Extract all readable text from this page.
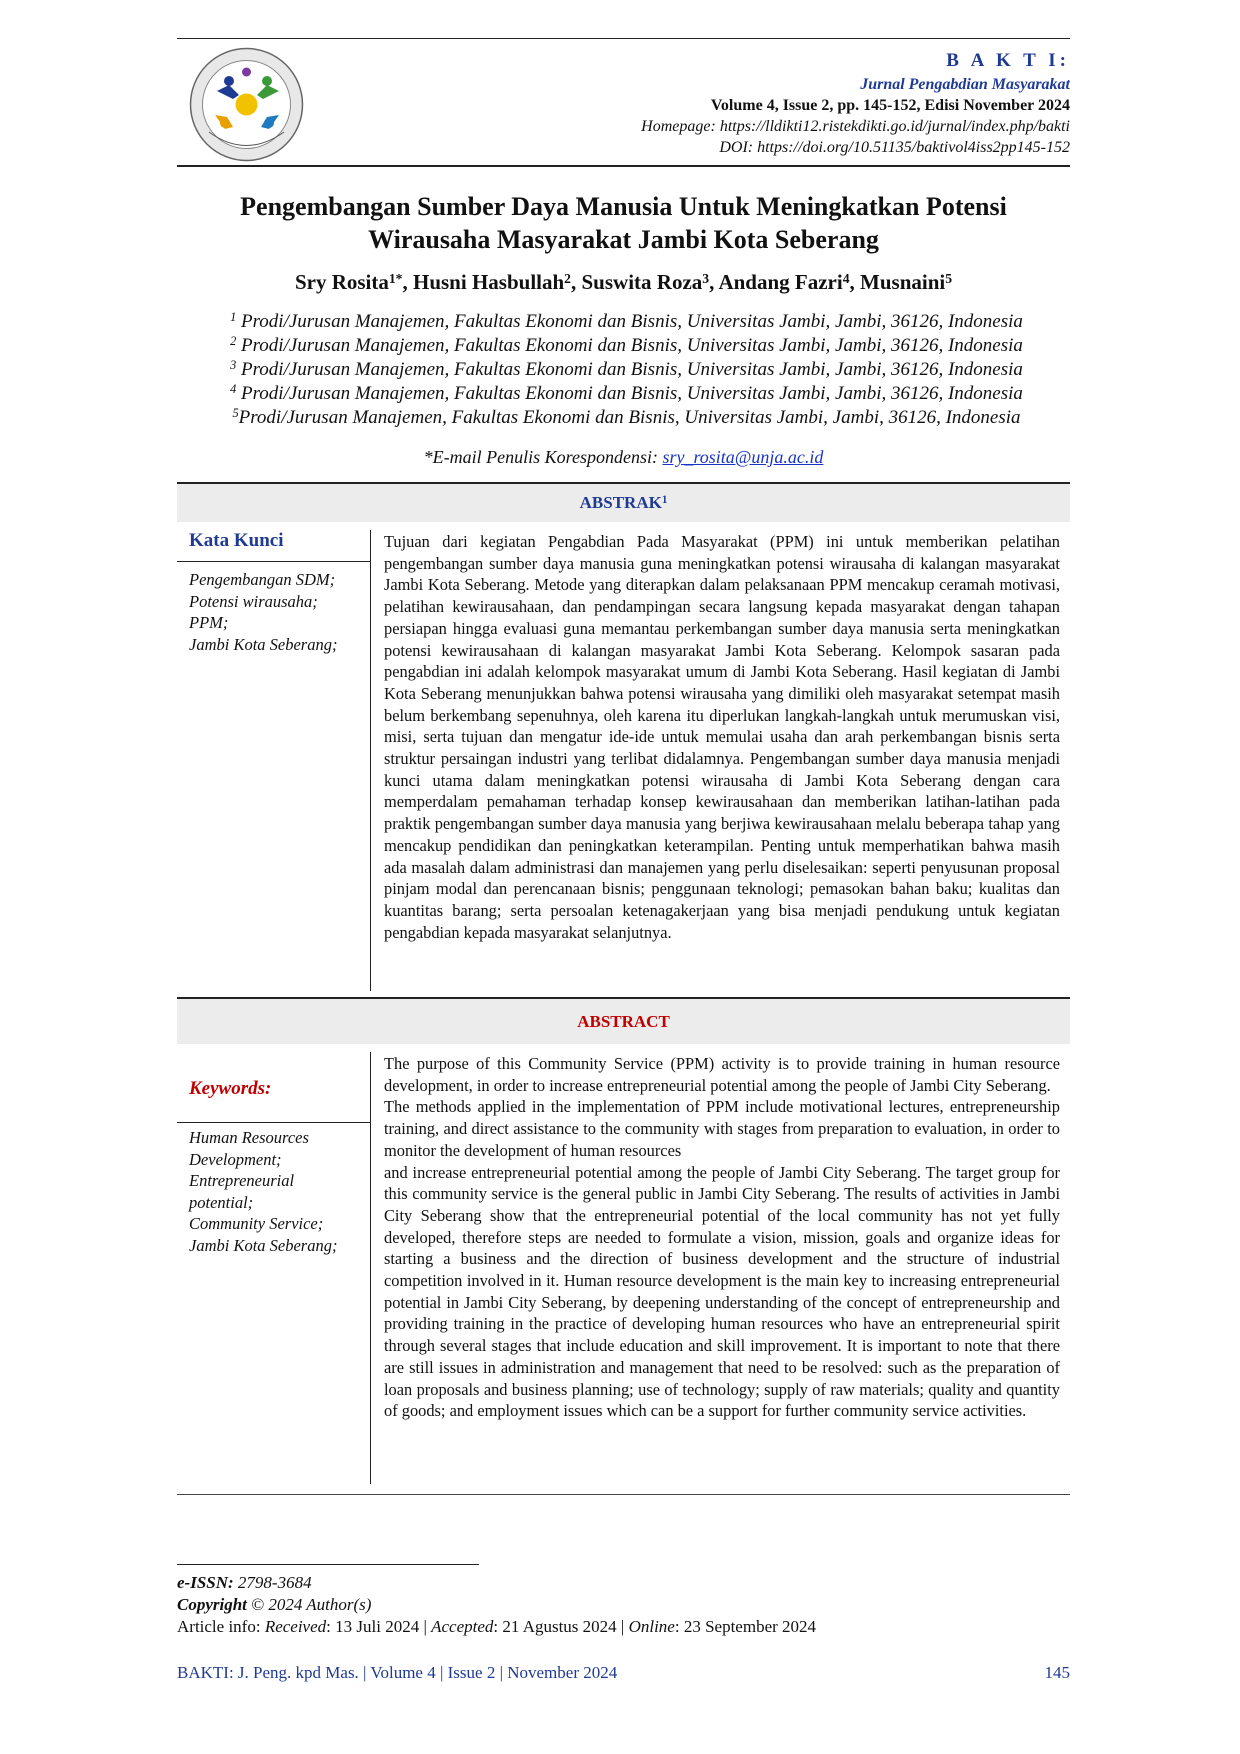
B A K T I:
Jurnal Pengabdian Masyarakat
Volume 4, Issue 2, pp. 145-152, Edisi November 2024
Homepage: https://lldikti12.ristekdikti.go.id/jurnal/index.php/bakti
DOI: https://doi.org/10.51135/baktivol4iss2pp145-152
Pengembangan Sumber Daya Manusia Untuk Meningkatkan Potensi
Wirausaha Masyarakat Jambi Kota Seberang
Sry Rosita$^{1*}$, Husni Hasbullah$^2$, Suswita Roza$^3$, Andang Fazri$^4$, Musnaini$^5$
$^1$ Prodi/Jurusan Manajemen, Fakultas Ekonomi dan Bisnis, Universitas Jambi, Jambi, 36126, Indonesia
$^2$ Prodi/Jurusan Manajemen, Fakultas Ekonomi dan Bisnis, Universitas Jambi, Jambi, 36126, Indonesia
$^3$ Prodi/Jurusan Manajemen, Fakultas Ekonomi dan Bisnis, Universitas Jambi, Jambi, 36126, Indonesia
$^4$ Prodi/Jurusan Manajemen, Fakultas Ekonomi dan Bisnis, Universitas Jambi, Jambi, 36126, Indonesia
$^5$Prodi/Jurusan Manajemen, Fakultas Ekonomi dan Bisnis, Universitas Jambi, Jambi, 36126, Indonesia
*E-mail Penulis Korespondensi: sry_rosita@unja.ac.id
ABSTRAK$^1$
Kata Kunci
Pengembangan SDM;
Potensi wirausaha;
PPM;
Jambi Kota Seberang;

Tujuan dari kegiatan Pengabdian Pada Masyarakat (PPM) ini untuk memberikan pelatihan pengembangan sumber daya manusia guna meningkatkan potensi wirausaha di kalangan masyarakat Jambi Kota Seberang. Metode yang diterapkan dalam pelaksanaan PPM mencakup ceramah motivasi, pelatihan kewirausahaan, dan pendampingan secara langsung kepada masyarakat dengan tahapan persiapan hingga evaluasi guna memantau perkembangan sumber daya manusia serta meningkatkan potensi kewirausahaan di kalangan masyarakat Jambi Kota Seberang. Kelompok sasaran pada pengabdian ini adalah kelompok masyarakat umum di Jambi Kota Seberang. Hasil kegiatan di Jambi Kota Seberang menunjukkan bahwa potensi wirausaha yang dimiliki oleh masyarakat setempat masih belum berkembang sepenuhnya, oleh karena itu diperlukan langkah-langkah untuk merumuskan visi, misi, serta tujuan dan mengatur ide-ide untuk memulai usaha dan arah perkembangan bisnis serta struktur persaingan industri yang terlibat didalamnya. Pengembangan sumber daya manusia menjadi kunci utama dalam meningkatkan potensi wirausaha di Jambi Kota Seberang dengan cara memperdalam pemahaman terhadap konsep kewirausahaan dan memberikan latihan-latihan pada praktik pengembangan sumber daya manusia yang berjiwa kewirausahaan melalu beberapa tahap yang mencakup pendidikan dan peningkatkan keterampilan. Penting untuk memperhatikan bahwa masih ada masalah dalam administrasi dan manajemen yang perlu diselesaikan: seperti penyusunan proposal pinjam modal dan perencanaan bisnis; penggunaan teknologi; pemasokan bahan baku; kualitas dan kuantitas barang; serta persoalan ketenagakerjaan yang bisa menjadi pendukung untuk kegiatan pengabdian kepada masyarakat selanjutnya.

ABSTRACT
Keywords:
Human Resources
Development;
Entrepreneurial
potential;
Community Service;
Jambi Kota Seberang;

The purpose of this Community Service (PPM) activity is to provide training in human resource development, in order to increase entrepreneurial potential among the people of Jambi City Seberang.

The methods applied in the implementation of PPM include motivational lectures, entrepreneurship training, and direct assistance to the community with stages from preparation to evaluation, in order to monitor the development of human resources

and increase entrepreneurial potential among the people of Jambi City Seberang. The target group for this community service is the general public in Jambi City Seberang. The results of activities in Jambi City Seberang show that the entrepreneurial potential of the local community has not yet fully developed, therefore steps are needed to formulate a vision, mission, goals and organize ideas for starting a business and the direction of business development and the structure of industrial competition involved in it. Human resource development is the main key to increasing entrepreneurial potential in Jambi City Seberang, by deepening understanding of the concept of entrepreneurship and providing training in the practice of developing human resources who have an entrepreneurial spirit through several stages that include education and skill improvement. It is important to note that there are still issues in administration and management that need to be resolved: such as the preparation of loan proposals and business planning; use of technology; supply of raw materials; quality and quantity of goods; and employment issues which can be a support for further community service activities.

e-ISSN: 2798-3684
Copyright © 2024 Author(s)
Article info: Received: 13 Juli 2024 | Accepted: 21 Agustus 2024 | Online: 23 September 2024
BAKTI: J. Peng. kpd Mas. | Volume 4 | Issue 2 | November 2024	145
